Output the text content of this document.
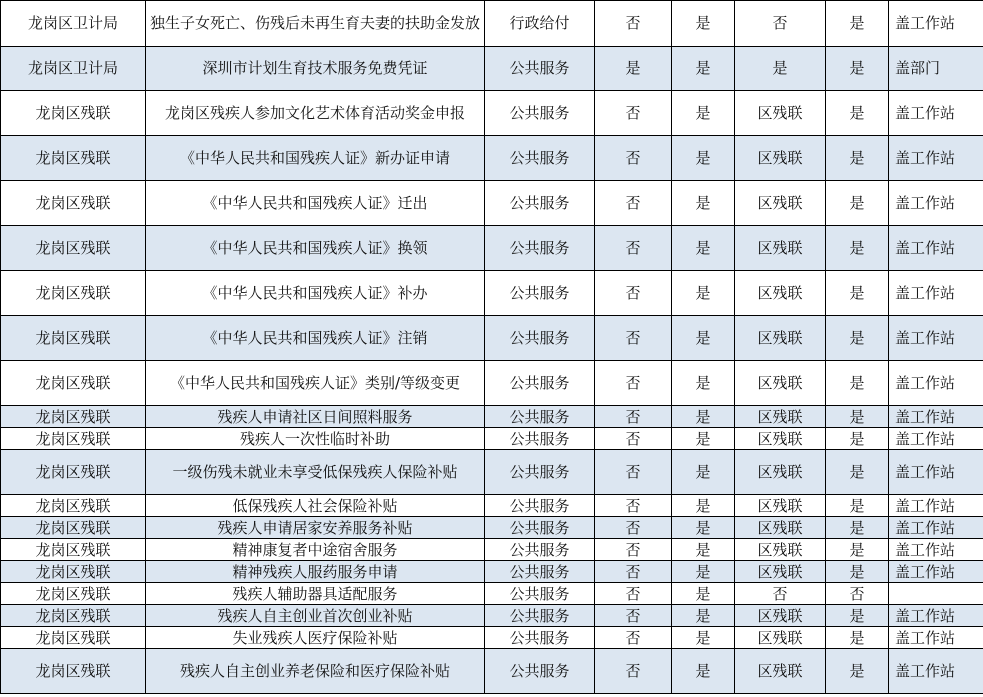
龙岗区卫计局	独生子女死亡、伤残后未再生育夫妻的扶助金发放	行政给付	否	是	否	是	盖工作站
龙岗区卫计局	深圳市计划生育技术服务免费凭证	公共服务	是	是	是	是	盖部门
龙岗区残联	龙岗区残疾人参加文化艺术体育活动奖金申报	公共服务	否	是	区残联	是	盖工作站
龙岗区残联	《中华人民共和国残疾人证》新办证申请	公共服务	否	是	区残联	是	盖工作站
龙岗区残联	《中华人民共和国残疾人证》迁出	公共服务	否	是	区残联	是	盖工作站
龙岗区残联	《中华人民共和国残疾人证》换领	公共服务	否	是	区残联	是	盖工作站
龙岗区残联	《中华人民共和国残疾人证》补办	公共服务	否	是	区残联	是	盖工作站
龙岗区残联	《中华人民共和国残疾人证》注销	公共服务	否	是	区残联	是	盖工作站
龙岗区残联	《中华人民共和国残疾人证》类别/等级变更	公共服务	否	是	区残联	是	盖工作站
龙岗区残联	残疾人申请社区日间照料服务	公共服务	否	是	区残联	是	盖工作站
龙岗区残联	残疾人一次性临时补助	公共服务	否	是	区残联	是	盖工作站
龙岗区残联	一级伤残未就业未享受低保残疾人保险补贴	公共服务	否	是	区残联	是	盖工作站
龙岗区残联	低保残疾人社会保险补贴	公共服务	否	是	区残联	是	盖工作站
龙岗区残联	残疾人申请居家安养服务补贴	公共服务	否	是	区残联	是	盖工作站
龙岗区残联	精神康复者中途宿舍服务	公共服务	否	是	区残联	是	盖工作站
龙岗区残联	精神残疾人服药服务申请	公共服务	否	是	区残联	是	盖工作站
龙岗区残联	残疾人辅助器具适配服务	公共服务	否	是	否	否	
龙岗区残联	残疾人自主创业首次创业补贴	公共服务	否	是	区残联	是	盖工作站
龙岗区残联	失业残疾人医疗保险补贴	公共服务	否	是	区残联	是	盖工作站
龙岗区残联	残疾人自主创业养老保险和医疗保险补贴	公共服务	否	是	区残联	是	盖工作站
